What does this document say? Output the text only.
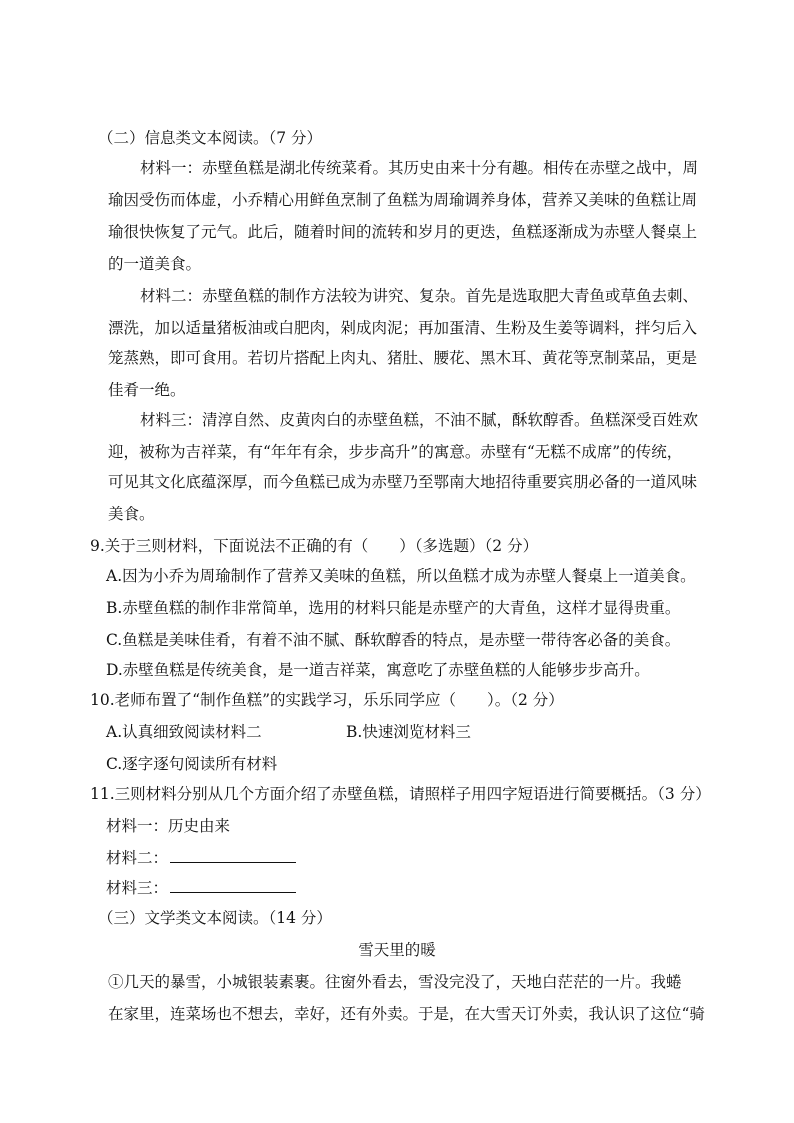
（二）信息类文本阅读。（7 分）
材料一：赤壁鱼糕是湖北传统菜肴。其历史由来十分有趣。相传在赤壁之战中，周
瑜因受伤而体虚，小乔精心用鲜鱼烹制了鱼糕为周瑜调养身体，营养又美味的鱼糕让周
瑜很快恢复了元气。此后，随着时间的流转和岁月的更迭，鱼糕逐渐成为赤壁人餐桌上
的一道美食。
材料二：赤壁鱼糕的制作方法较为讲究、复杂。首先是选取肥大青鱼或草鱼去刺、
漂洗，加以适量猪板油或白肥肉，剁成肉泥；再加蛋清、生粉及生姜等调料，拌匀后入
笼蒸熟，即可食用。若切片搭配上肉丸、猪肚、腰花、黑木耳、黄花等烹制菜品，更是
佳肴一绝。
材料三：清淳自然、皮黄肉白的赤壁鱼糕，不油不腻，酥软醇香。鱼糕深受百姓欢
迎，被称为吉祥菜，有“年年有余，步步高升”的寓意。赤壁有“无糕不成席”的传统，
可见其文化底蕴深厚，而今鱼糕已成为赤壁乃至鄂南大地招待重要宾朋必备的一道风味
美食。
9.关于三则材料，下面说法不正确的有（　　）（多选题）（2 分）
A.因为小乔为周瑜制作了营养又美味的鱼糕，所以鱼糕才成为赤壁人餐桌上一道美食。
B.赤壁鱼糕的制作非常简单，选用的材料只能是赤壁产的大青鱼，这样才显得贵重。
C.鱼糕是美味佳肴，有着不油不腻、酥软醇香的特点，是赤壁一带待客必备的美食。
D.赤壁鱼糕是传统美食，是一道吉祥菜，寓意吃了赤壁鱼糕的人能够步步高升。
10.老师布置了“制作鱼糕”的实践学习，乐乐同学应（　　）。（2 分）
A.认真细致阅读材料二	B.快速浏览材料三
C.逐字逐句阅读所有材料
11.三则材料分别从几个方面介绍了赤壁鱼糕，请照样子用四字短语进行简要概括。（3 分）
材料一：历史由来
材料二：
材料三：
（三）文学类文本阅读。（14 分）
雪天里的暖
①几天的暴雪，小城银装素裹。往窗外看去，雪没完没了，天地白茫茫的一片。我蜷
在家里，连菜场也不想去，幸好，还有外卖。于是，在大雪天订外卖，我认识了这位“骑
